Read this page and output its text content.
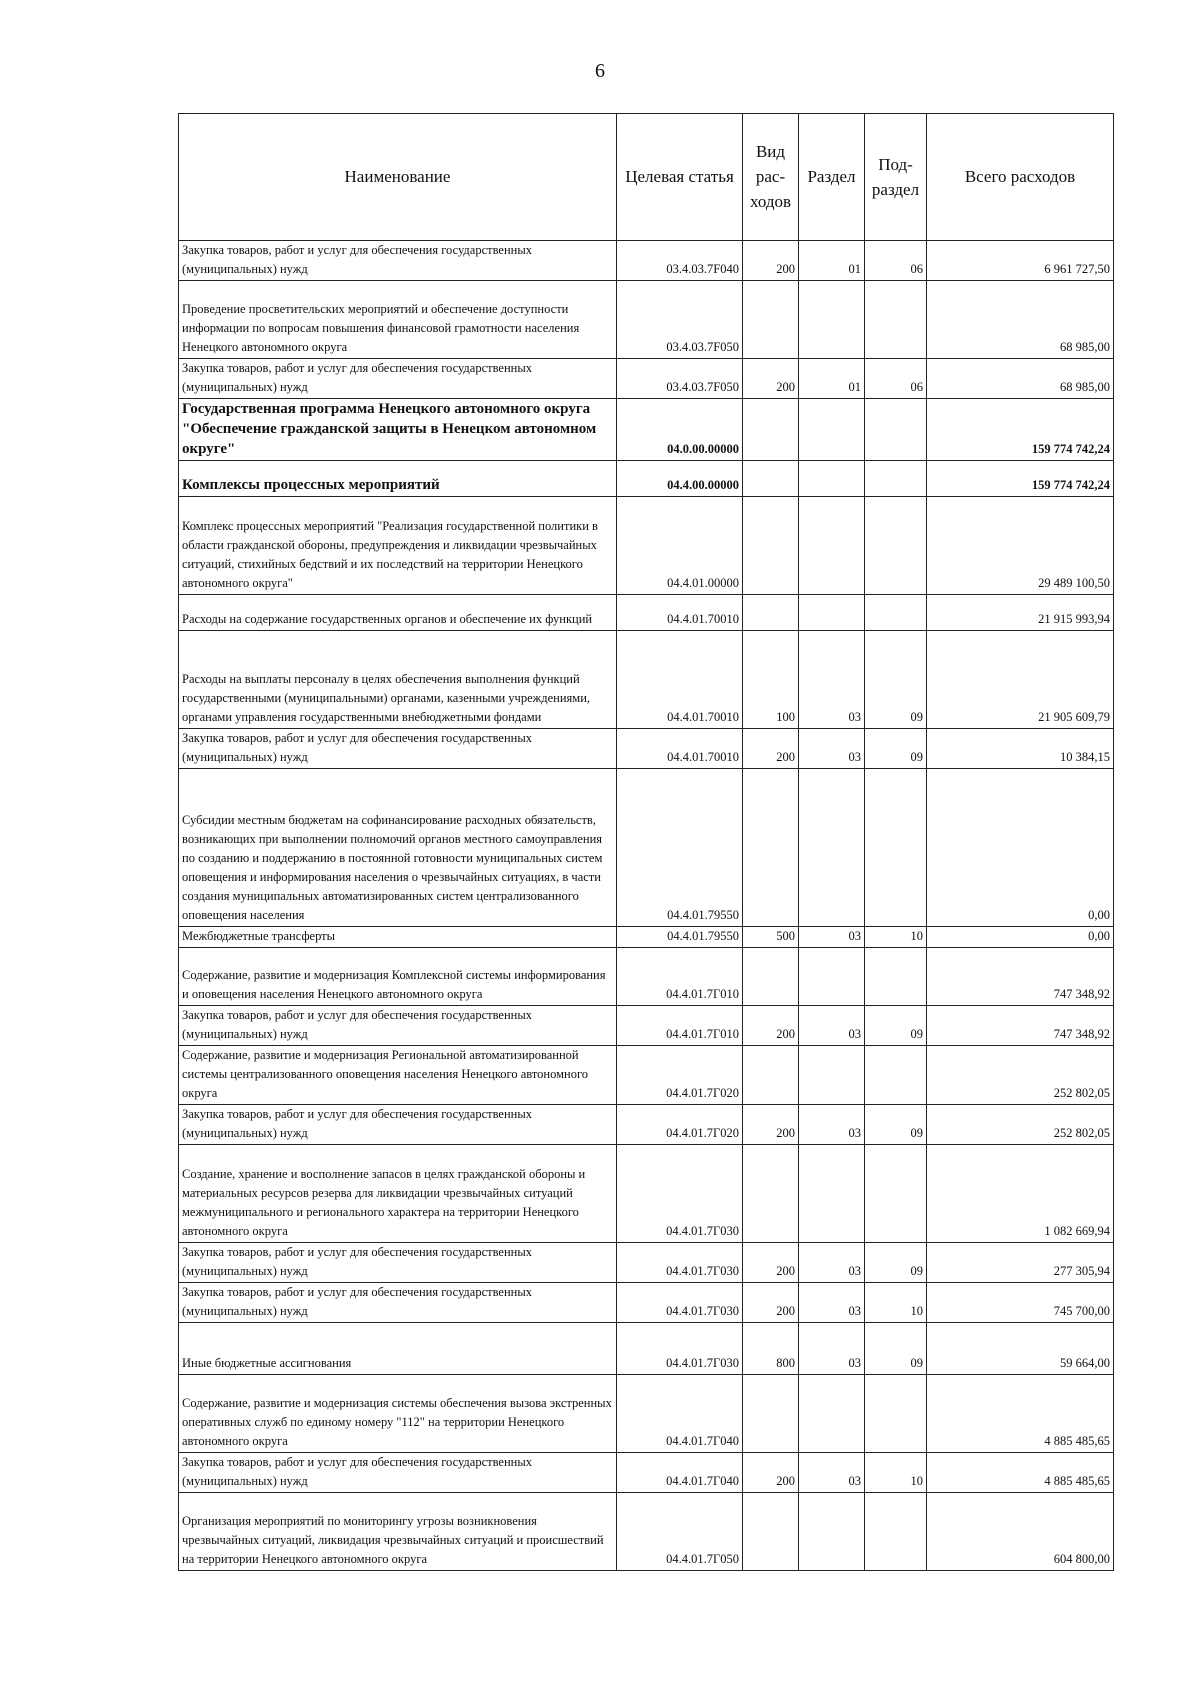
6
Наименование	Целевая статья	Вид рас- ходов	Раздел	Под- раздел	Всего расходов
Закупка товаров, работ и услуг для обеспечения государственных (муниципальных) нужд	03.4.03.7F040	200	01	06	6 961 727,50
Проведение просветительских мероприятий и обеспечение доступности информации по вопросам повышения финансовой грамотности населения Ненецкого автономного округа	03.4.03.7F050				68 985,00
Закупка товаров, работ и услуг для обеспечения государственных (муниципальных) нужд	03.4.03.7F050	200	01	06	68 985,00
Государственная программа Ненецкого автономного округа "Обеспечение гражданской защиты в Ненецком автономном округе"	04.0.00.00000				159 774 742,24
Комплексы процессных мероприятий	04.4.00.00000				159 774 742,24
Комплекс процессных мероприятий "Реализация государственной политики в области гражданской обороны, предупреждения и ликвидации чрезвычайных ситуаций, стихийных бедствий и их последствий на территории Ненецкого автономного округа"	04.4.01.00000				29 489 100,50
Расходы на содержание государственных органов и обеспечение их функций	04.4.01.70010				21 915 993,94
Расходы на выплаты персоналу в целях обеспечения выполнения функций государственными (муниципальными) органами, казенными учреждениями, органами управления государственными внебюджетными фондами	04.4.01.70010	100	03	09	21 905 609,79
Закупка товаров, работ и услуг для обеспечения государственных (муниципальных) нужд	04.4.01.70010	200	03	09	10 384,15
Субсидии местным бюджетам на софинансирование расходных обязательств, возникающих при выполнении полномочий органов местного самоуправления по созданию и поддержанию в постоянной готовности муниципальных систем оповещения и информирования населения о чрезвычайных ситуациях, в части создания муниципальных автоматизированных систем централизованного оповещения населения	04.4.01.79550				0,00
Межбюджетные трансферты	04.4.01.79550	500	03	10	0,00
Содержание, развитие и модернизация Комплексной системы информирования и оповещения населения Ненецкого автономного округа	04.4.01.7Г010				747 348,92
Закупка товаров, работ и услуг для обеспечения государственных (муниципальных) нужд	04.4.01.7Г010	200	03	09	747 348,92
Содержание, развитие и модернизация Региональной автоматизированной системы централизованного оповещения населения Ненецкого автономного округа	04.4.01.7Г020				252 802,05
Закупка товаров, работ и услуг для обеспечения государственных (муниципальных) нужд	04.4.01.7Г020	200	03	09	252 802,05
Создание, хранение и восполнение запасов в целях гражданской обороны и материальных ресурсов резерва для ликвидации чрезвычайных ситуаций межмуниципального и регионального характера на территории Ненецкого автономного округа	04.4.01.7Г030				1 082 669,94
Закупка товаров, работ и услуг для обеспечения государственных (муниципальных) нужд	04.4.01.7Г030	200	03	09	277 305,94
Закупка товаров, работ и услуг для обеспечения государственных (муниципальных) нужд	04.4.01.7Г030	200	03	10	745 700,00
Иные бюджетные ассигнования	04.4.01.7Г030	800	03	09	59 664,00
Содержание, развитие и модернизация системы обеспечения вызова экстренных оперативных служб по единому номеру "112" на территории Ненецкого автономного округа	04.4.01.7Г040				4 885 485,65
Закупка товаров, работ и услуг для обеспечения государственных (муниципальных) нужд	04.4.01.7Г040	200	03	10	4 885 485,65
Организация мероприятий по мониторингу угрозы возникновения чрезвычайных ситуаций, ликвидация чрезвычайных ситуаций и происшествий на территории Ненецкого автономного округа	04.4.01.7Г050				604 800,00
